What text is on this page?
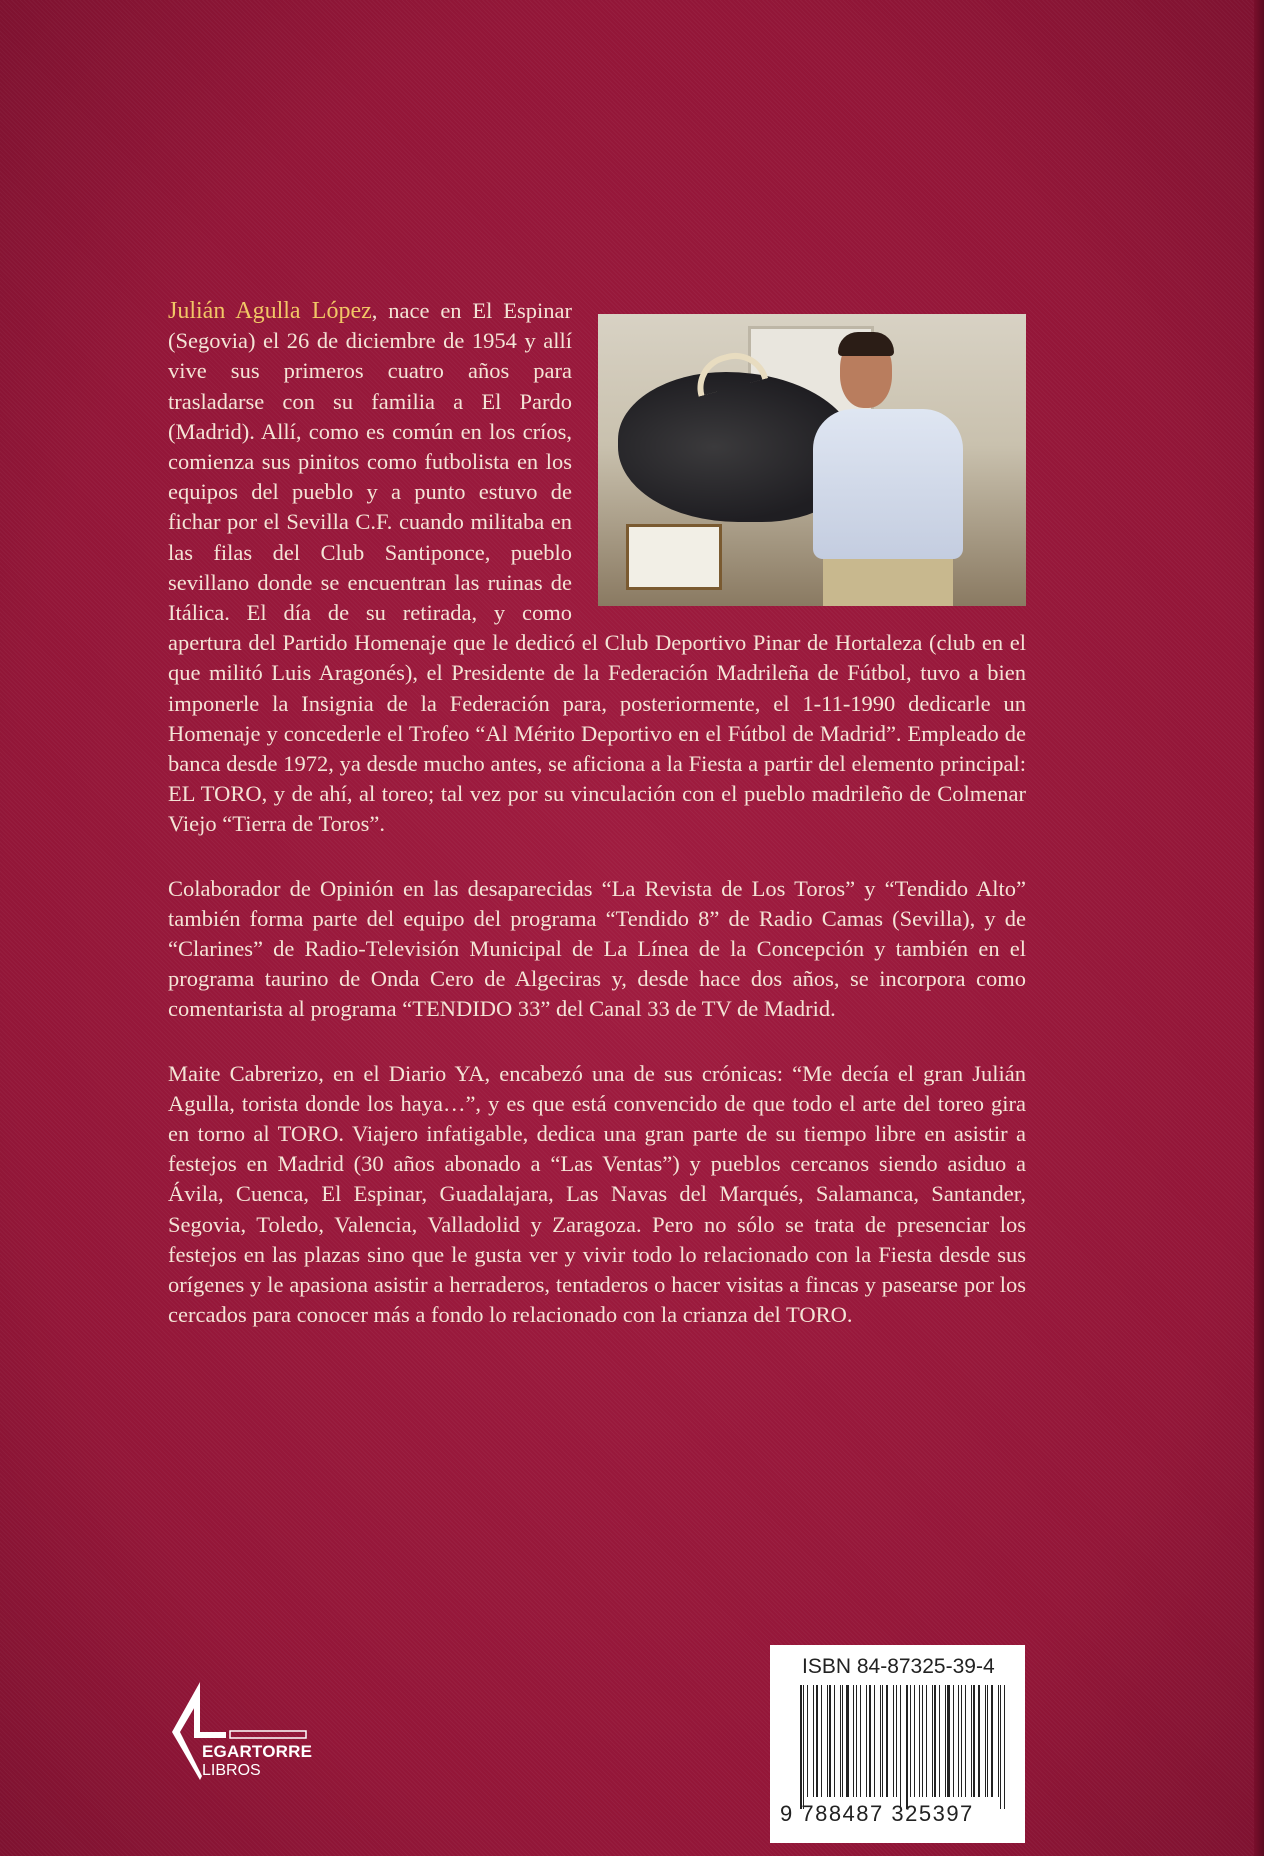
Julián Agulla López, nace en El Espinar (Segovia) el 26 de diciembre de 1954 y allí vive sus primeros cuatro años para trasladarse con su familia a El Pardo (Madrid). Allí, como es común en los críos, comienza sus pinitos como futbolista en los equipos del pueblo y a punto estuvo de fichar por el Sevilla C.F. cuando militaba en las filas del Club Santiponce, pueblo sevillano donde se encuentran las ruinas de Itálica. El día de su retirada, y como apertura del Partido Homenaje que le dedicó el Club Deportivo Pinar de Hortaleza (club en el que militó Luis Aragonés), el Presidente de la Federación Madrileña de Fútbol, tuvo a bien imponerle la Insignia de la Federación para, posteriormente, el 1-11-1990 dedicarle un Homenaje y concederle el Trofeo “Al Mérito Deportivo en el Fútbol de Madrid”. Empleado de banca desde 1972, ya desde mucho antes, se aficiona a la Fiesta a partir del elemento principal: EL TORO, y de ahí, al toreo; tal vez por su vinculación con el pueblo madrileño de Colmenar Viejo “Tierra de Toros”.

Colaborador de Opinión en las desaparecidas “La Revista de Los Toros” y “Tendido Alto” también forma parte del equipo del programa “Tendido 8” de Radio Camas (Sevilla), y de “Clarines” de Radio-Televisión Municipal de La Línea de la Concepción y también en el programa taurino de Onda Cero de Algeciras y, desde hace dos años, se incorpora como comentarista al programa “TENDIDO 33” del Canal 33 de TV de Madrid.

Maite Cabrerizo, en el Diario YA, encabezó una de sus crónicas: “Me decía el gran Julián Agulla, torista donde los haya…”, y es que está convencido de que todo el arte del toreo gira en torno al TORO. Viajero infatigable, dedica una gran parte de su tiempo libre en asistir a festejos en Madrid (30 años abonado a “Las Ventas”) y pueblos cercanos siendo asiduo a Ávila, Cuenca, El Espinar, Guadalajara, Las Navas del Marqués, Salamanca, Santander, Segovia, Toledo, Valencia, Valladolid y Zaragoza. Pero no sólo se trata de presenciar los festejos en las plazas sino que le gusta ver y vivir todo lo relacionado con la Fiesta desde sus orígenes y le apasiona asistir a herraderos, tentaderos o hacer visitas a fincas y pasearse por los cercados para conocer más a fondo lo relacionado con la crianza del TORO.

EGARTORRE
LIBROS
ISBN 84-87325-39-4
9 788487 325397
